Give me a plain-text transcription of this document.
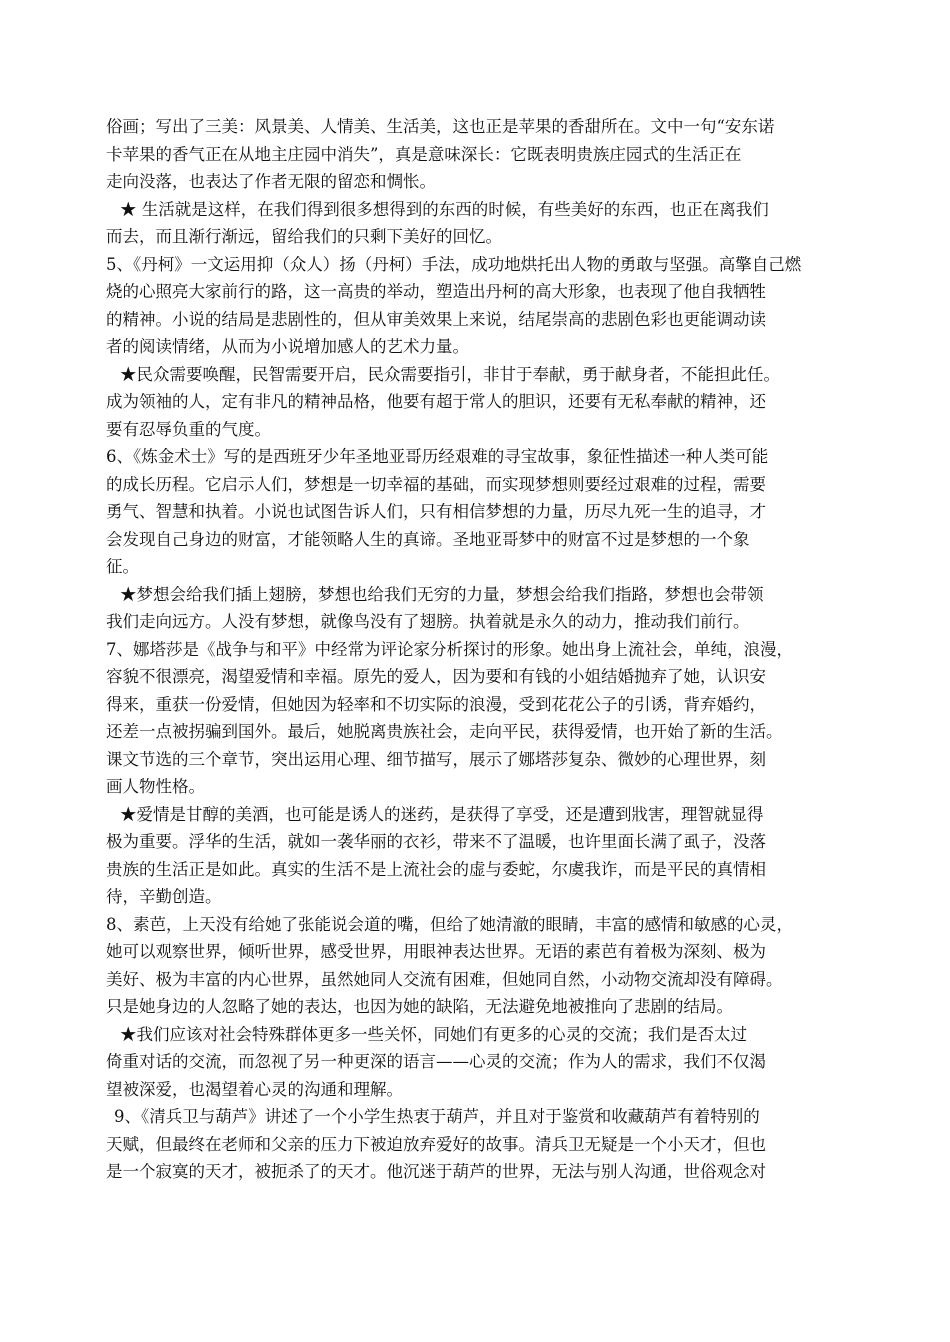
俗画；写出了三美：风景美、人情美、生活美，这也正是苹果的香甜所在。文中一句“安东诺
卡苹果的香气正在从地主庄园中消失”，真是意味深长：它既表明贵族庄园式的生活正在
走向没落，也表达了作者无限的留恋和惆怅。
★ 生活就是这样，在我们得到很多想得到的东西的时候，有些美好的东西，也正在离我们
而去，而且渐行渐远，留给我们的只剩下美好的回忆。
5、《丹柯》一文运用抑（众人）扬（丹柯）手法，成功地烘托出人物的勇敢与坚强。高擎自己燃
烧的心照亮大家前行的路，这一高贵的举动，塑造出丹柯的高大形象，也表现了他自我牺牲
的精神。小说的结局是悲剧性的，但从审美效果上来说，结尾崇高的悲剧色彩也更能调动读
者的阅读情绪，从而为小说增加感人的艺术力量。
★民众需要唤醒，民智需要开启，民众需要指引，非甘于奉献，勇于献身者，不能担此任。
成为领袖的人，定有非凡的精神品格，他要有超于常人的胆识，还要有无私奉献的精神，还
要有忍辱负重的气度。
6、《炼金术士》写的是西班牙少年圣地亚哥历经艰难的寻宝故事，象征性描述一种人类可能
的成长历程。它启示人们，梦想是一切幸福的基础，而实现梦想则要经过艰难的过程，需要
勇气、智慧和执着。小说也试图告诉人们，只有相信梦想的力量，历尽九死一生的追寻，才
会发现自己身边的财富，才能领略人生的真谛。圣地亚哥梦中的财富不过是梦想的一个象
征。
★梦想会给我们插上翅膀，梦想也给我们无穷的力量，梦想会给我们指路，梦想也会带领
我们走向远方。人没有梦想，就像鸟没有了翅膀。执着就是永久的动力，推动我们前行。
7、娜塔莎是《战争与和平》中经常为评论家分析探讨的形象。她出身上流社会，单纯，浪漫，
容貌不很漂亮，渴望爱情和幸福。原先的爱人，因为要和有钱的小姐结婚抛弃了她，认识安
得来，重获一份爱情，但她因为轻率和不切实际的浪漫，受到花花公子的引诱，背弃婚约，
还差一点被拐骗到国外。最后，她脱离贵族社会，走向平民，获得爱情，也开始了新的生活。
课文节选的三个章节，突出运用心理、细节描写，展示了娜塔莎复杂、微妙的心理世界，刻
画人物性格。
★爱情是甘醇的美酒，也可能是诱人的迷药，是获得了享受，还是遭到戕害，理智就显得
极为重要。浮华的生活，就如一袭华丽的衣衫，带来不了温暖，也许里面长满了虱子，没落
贵族的生活正是如此。真实的生活不是上流社会的虚与委蛇，尔虞我诈，而是平民的真情相
待，辛勤创造。
8、素芭，上天没有给她了张能说会道的嘴，但给了她清澈的眼睛，丰富的感情和敏感的心灵，
她可以观察世界，倾听世界，感受世界，用眼神表达世界。无语的素芭有着极为深刻、极为
美好、极为丰富的内心世界，虽然她同人交流有困难，但她同自然，小动物交流却没有障碍。
只是她身边的人忽略了她的表达，也因为她的缺陷，无法避免地被推向了悲剧的结局。
★我们应该对社会特殊群体更多一些关怀，同她们有更多的心灵的交流；我们是否太过
倚重对话的交流，而忽视了另一种更深的语言——心灵的交流；作为人的需求，我们不仅渴
望被深爱，也渴望着心灵的沟通和理解。
9、《清兵卫与葫芦》讲述了一个小学生热衷于葫芦，并且对于鉴赏和收藏葫芦有着特别的
天赋，但最终在老师和父亲的压力下被迫放弃爱好的故事。清兵卫无疑是一个小天才，但也
是一个寂寞的天才，被扼杀了的天才。他沉迷于葫芦的世界，无法与别人沟通，世俗观念对
